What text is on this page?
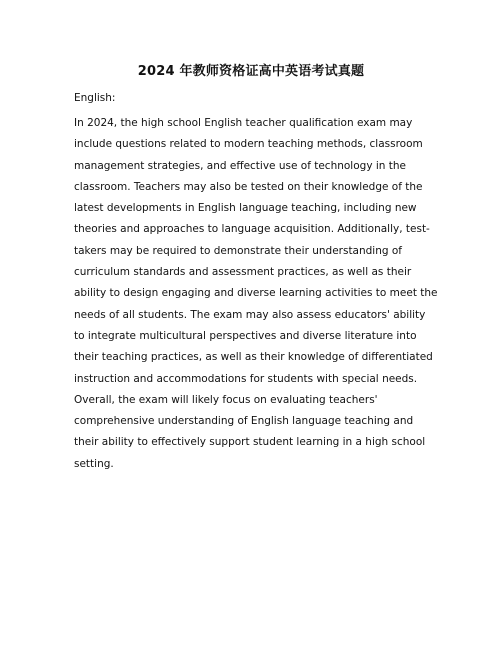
2024 年教师资格证高中英语考试真题

English:

In 2024, the high school English teacher qualification exam may include questions related to modern teaching methods, classroom management strategies, and effective use of technology in the classroom. Teachers may also be tested on their knowledge of the latest developments in English language teaching, including new theories and approaches to language acquisition. Additionally, test-takers may be required to demonstrate their understanding of curriculum standards and assessment practices, as well as their ability to design engaging and diverse learning activities to meet the needs of all students. The exam may also assess educators' ability to integrate multicultural perspectives and diverse literature into their teaching practices, as well as their knowledge of differentiated instruction and accommodations for students with special needs. Overall, the exam will likely focus on evaluating teachers' comprehensive understanding of English language teaching and their ability to effectively support student learning in a high school setting.
